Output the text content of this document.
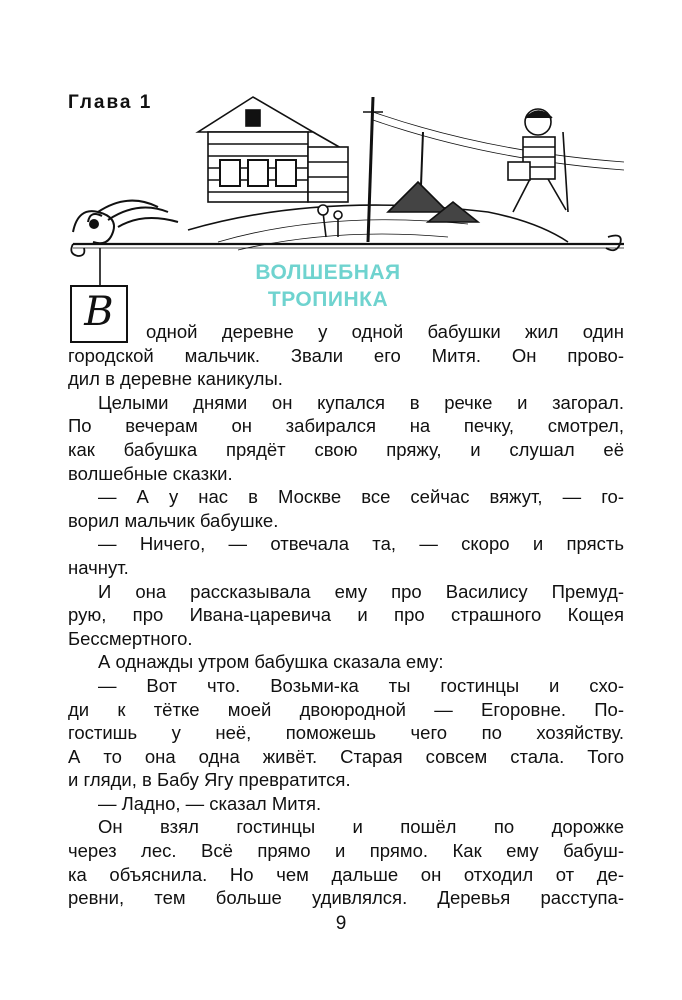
Глава 1
ВОЛШЕБНАЯ
ТРОПИНКА
В	одной деревне у одной бабушки жил один
городской мальчик. Звали его Митя. Он прово-
дил в деревне каникулы.
Целыми днями он купался в речке и загорал.
По вечерам он забирался на печку, смотрел,
как бабушка прядёт свою пряжу, и слушал её
волшебные сказки.
— А у нас в Москве все сейчас вяжут, — го-
ворил мальчик бабушке.
— Ничего, — отвечала та, — скоро и прясть
начнут.
И она рассказывала ему про Василису Премуд-
рую, про Ивана-царевича и про страшного Кощея
Бессмертного.
А однажды утром бабушка сказала ему:
— Вот что. Возьми-ка ты гостинцы и схо-
ди к тётке моей двоюродной — Егоровне. По-
гостишь у неё, поможешь чего по хозяйству.
А то она одна живёт. Старая совсем стала. Того
и гляди, в Бабу Ягу превратится.
— Ладно, — сказал Митя.
Он взял гостинцы и пошёл по дорожке
через лес. Всё прямо и прямо. Как ему бабуш-
ка объяснила. Но чем дальше он отходил от де-
ревни, тем больше удивлялся. Деревья расступа-
9
